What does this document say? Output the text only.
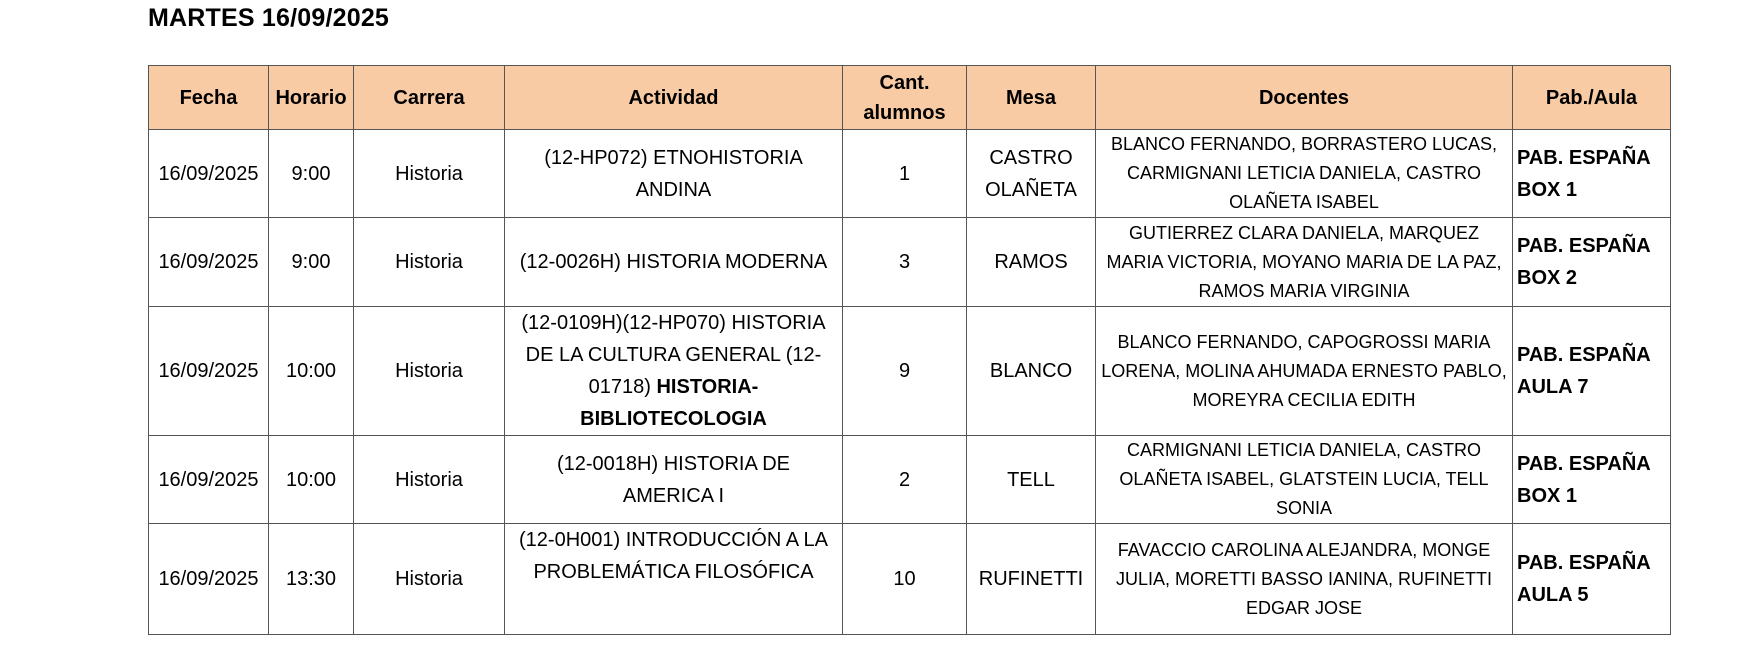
MARTES 16/09/2025
Fecha	Horario	Carrera	Actividad	Cant. alumnos	Mesa	Docentes	Pab./Aula
16/09/2025	9:00	Historia	(12-HP072) ETNOHISTORIA ANDINA	1	CASTRO OLAÑETA	BLANCO FERNANDO, BORRASTERO LUCAS, CARMIGNANI LETICIA DANIELA, CASTRO OLAÑETA ISABEL	PAB. ESPAÑA BOX 1
16/09/2025	9:00	Historia	(12-0026H) HISTORIA MODERNA	3	RAMOS	GUTIERREZ CLARA DANIELA, MARQUEZ MARIA VICTORIA, MOYANO MARIA DE LA PAZ, RAMOS MARIA VIRGINIA	PAB. ESPAÑA BOX 2
16/09/2025	10:00	Historia	(12-0109H)(12-HP070) HISTORIA DE LA CULTURA GENERAL (12-01718) HISTORIA-BIBLIOTECOLOGIA	9	BLANCO	BLANCO FERNANDO, CAPOGROSSI MARIA LORENA, MOLINA AHUMADA ERNESTO PABLO, MOREYRA CECILIA EDITH	PAB. ESPAÑA AULA 7
16/09/2025	10:00	Historia	(12-0018H) HISTORIA DE AMERICA I	2	TELL	CARMIGNANI LETICIA DANIELA, CASTRO OLAÑETA ISABEL, GLATSTEIN LUCIA, TELL SONIA	PAB. ESPAÑA BOX 1
16/09/2025	13:30	Historia	(12-0H001) INTRODUCCIÓN A LA PROBLEMÁTICA FILOSÓFICA	10	RUFINETTI	FAVACCIO CAROLINA ALEJANDRA, MONGE JULIA, MORETTI BASSO IANINA, RUFINETTI EDGAR JOSE	PAB. ESPAÑA AULA 5
